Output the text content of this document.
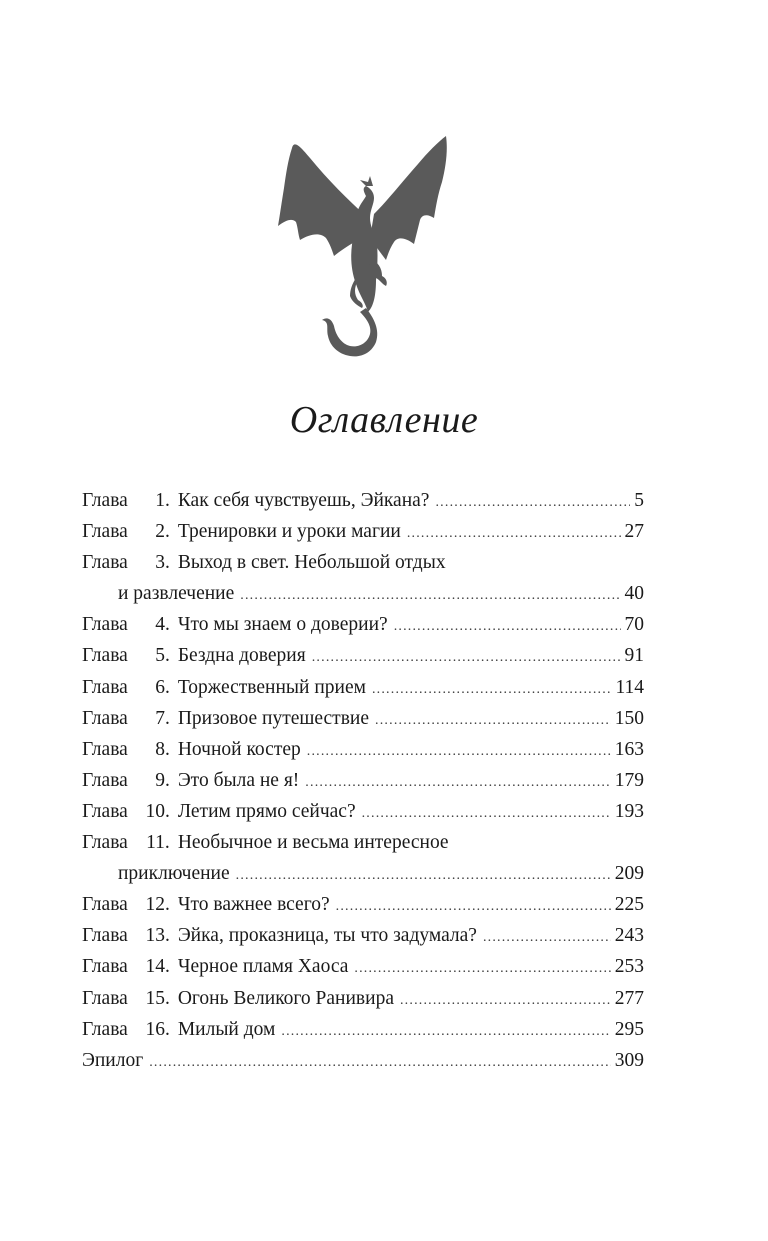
Оглавление
Глава 1. Как себя чувствуешь, Эйкана? .....	5
Глава 2. Тренировки и уроки магии .....	27
Глава 3. Выход в свет. Небольшой отдых
и развлечение .....	40
Глава 4. Что мы знаем о доверии? .....	70
Глава 5. Бездна доверия .....	91
Глава 6. Торжественный прием .....	114
Глава 7. Призовое путешествие .....	150
Глава 8. Ночной костер .....	163
Глава 9. Это была не я! .....	179
Глава 10. Летим прямо сейчас? .....	193
Глава 11. Необычное и весьма интересное
приключение .....	209
Глава 12. Что важнее всего? .....	225
Глава 13. Эйка, проказница, ты что задумала? .....	243
Глава 14. Черное пламя Хаоса .....	253
Глава 15. Огонь Великого Ранивира .....	277
Глава 16. Милый дом .....	295
Эпилог .....	309
